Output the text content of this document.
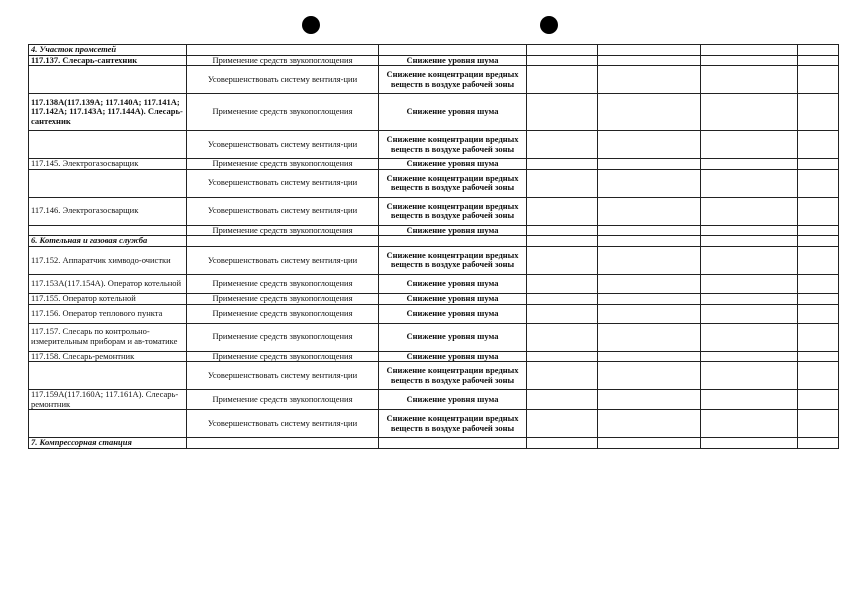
4. Участок промсетей						
117.137. Слесарь-сантехник	Применение средств звукопоглощения	Снижение уровня шума				
	Усовершенствовать систему вентиля-ции	Снижение концентрации вредных веществ в воздухе рабочей зоны				
117.138А(117.139А; 117.140А; 117.141А; 117.142А; 117.143А; 117.144А). Слесарь-сантехник	Применение средств звукопоглощения	Снижение уровня шума				
	Усовершенствовать систему вентиля-ции	Снижение концентрации вредных веществ в воздухе рабочей зоны				
117.145. Электрогазосварщик	Применение средств звукопоглощения	Снижение уровня шума				
	Усовершенствовать систему вентиля-ции	Снижение концентрации вредных веществ в воздухе рабочей зоны				
117.146. Электрогазосварщик	Усовершенствовать систему вентиля-ции	Снижение концентрации вредных веществ в воздухе рабочей зоны				
	Применение средств звукопоглощения	Снижение уровня шума				
6. Котельная и газовая служба						
117.152. Аппаратчик химводо-очистки	Усовершенствовать систему вентиля-ции	Снижение концентрации вредных веществ в воздухе рабочей зоны				
117.153А(117.154А). Оператор котельной	Применение средств звукопоглощения	Снижение уровня шума				
117.155. Оператор котельной	Применение средств звукопоглощения	Снижение уровня шума				
117.156. Оператор теплового пункта	Применение средств звукопоглощения	Снижение уровня шума				
117.157. Слесарь по контрольно-измерительным приборам и ав-томатике	Применение средств звукопоглощения	Снижение уровня шума				
117.158. Слесарь-ремонтник	Применение средств звукопоглощения	Снижение уровня шума				
	Усовершенствовать систему вентиля-ции	Снижение концентрации вредных веществ в воздухе рабочей зоны				
117.159А(117.160А; 117.161А). Слесарь-ремонтник	Применение средств звукопоглощения	Снижение уровня шума				
	Усовершенствовать систему вентиля-ции	Снижение концентрации вредных веществ в воздухе рабочей зоны				
7. Компрессорная станция						
